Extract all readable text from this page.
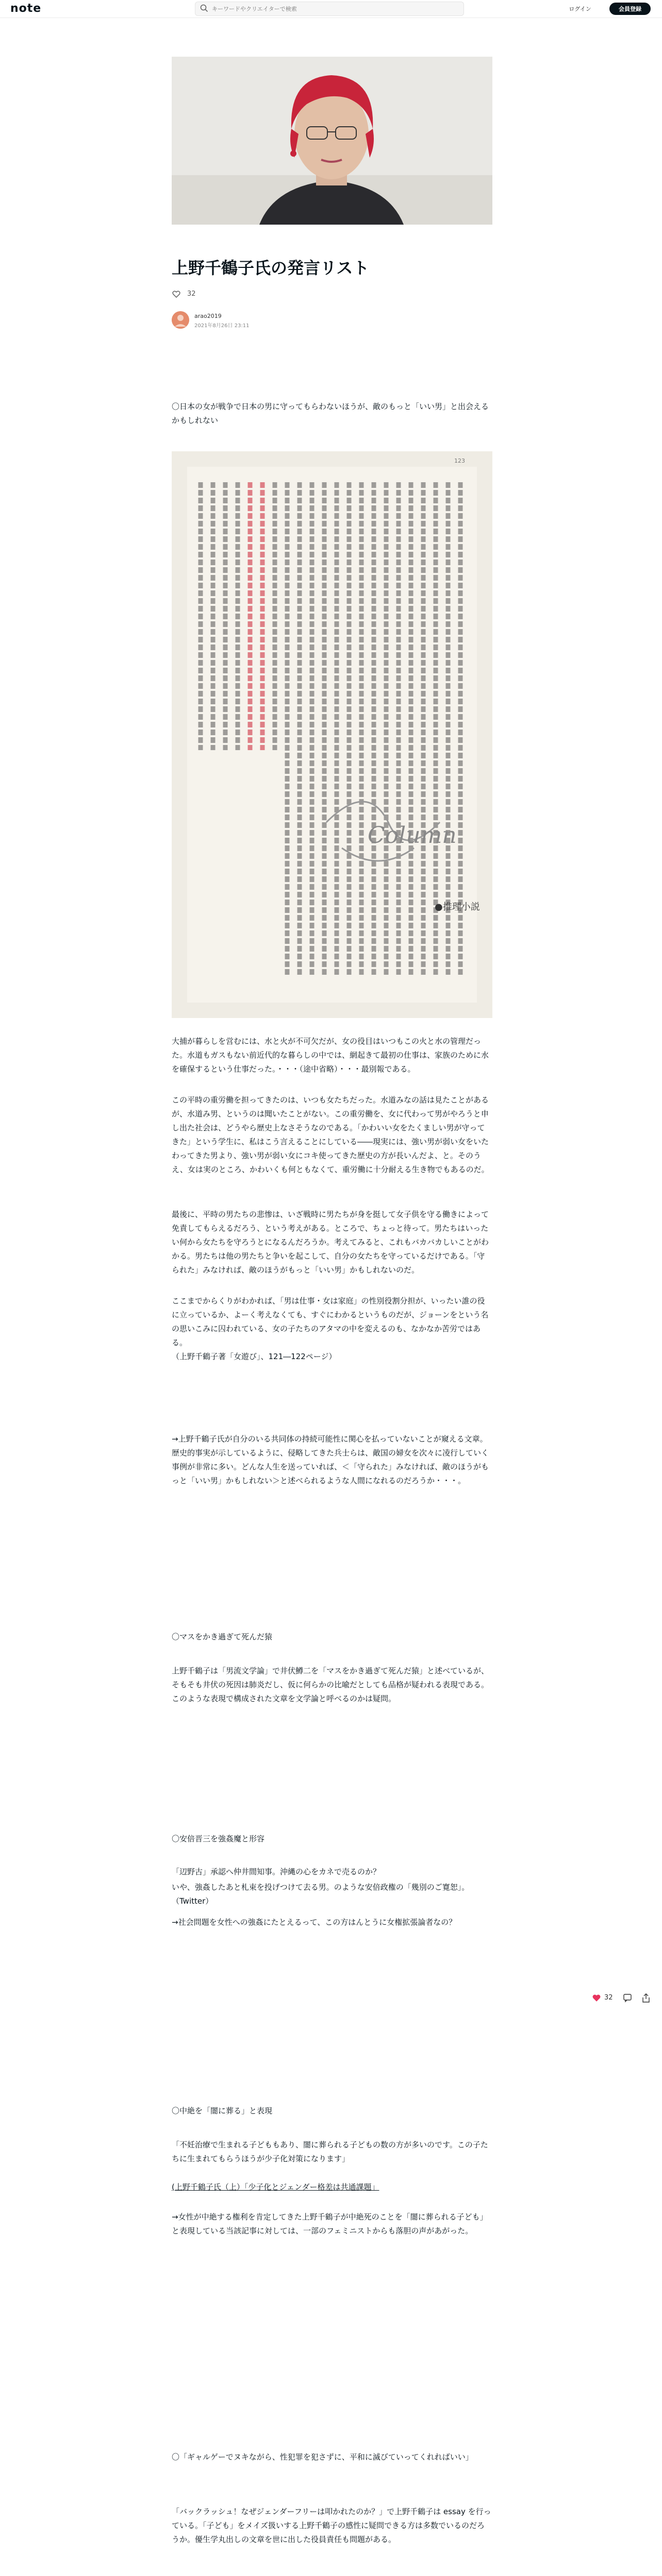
note
キーワードやクリエイターで検索	ログイン	会員登録
上野千鶴子氏の発言リスト
32
arao2019
2021年8月26日 23:11

〇日本の女が戦争で日本の男に守ってもらわないほうが、敵のもっと「いい男」と出会えるかもしれない

●推理小説
Column
123

大捕が暮らしを営むには、水と火が不可欠だが、女の役目はいつもこの火と水の管理だった。水道もガスもない前近代的な暮らしの中では、網起きて最初の仕事は、家族のために水を確保するという仕事だった。・・・（途中省略）・・・最別報である。

この平時の重労働を担ってきたのは、いつも女たちだった。水道みなの話は見たことがあるが、水道み男、というのは聞いたことがない。この重労働を、女に代わって男がやろうと申し出た社会は、どうやら歴史上なさそうなのである。「かわいい女をたくましい男が守ってきた」という学生に、私はこう言えることにしている――現実には、強い男が弱い女をいたわってきた男より、強い男が弱い女にコキ使ってきた歴史の方が長いんだよ、と。そのうえ、女は実のところ、かわいくも何ともなくて、重労働に十分耐える生き物でもあるのだ。

最後に、平時の男たちの悲惨は、いざ戦時に男たちが身を挺して女子供を守る働きによって免責してもらえるだろう、という考えがある。ところで、ちょっと待って。男たちはいったい何から女たちを守ろうとになるんだろうか。考えてみると、これもバカバカしいことがわかる。男たちは他の男たちと争いを起こして、自分の女たちを守っているだけである。「守られた」みなければ、敵のほうがもっと「いい男」かもしれないのだ。

ここまでからくりがわかれば、「男は仕事・女は家庭」の性別役割分担が、いったい誰の役に立っているか、よーく考えなくても、すぐにわかるというものだが、ジョーンをという名の思いこみに囚われている、女の子たちのアタマの中を変えるのも、なかなか苦労ではある。

（上野千鶴子著「女遊び」、121―122ページ）

→上野千鶴子氏が自分のいる共同体の持続可能性に関心を払っていないことが窺える文章。歴史的事実が示しているように、侵略してきた兵士らは、敵国の婦女を次々に凌行していく事例が非常に多い。どんな人生を送っていれば、＜「守られた」みなければ、敵のほうがもっと「いい男」かもしれない＞と述べられるような人間になれるのだろうか・・・。

〇マスをかき過ぎて死んだ猿

上野千鶴子は「男流文学論」で井伏鱒二を「マスをかき過ぎて死んだ猿」と述べているが、そもそも井伏の死因は肺炎だし、仮に何らかの比喩だとしても品格が疑われる表現である。このような表現で構成された文章を文学論と呼べるのかは疑問。

〇安倍晋三を強姦魔と形容

「辺野古」承認へ仲井間知事。沖縄の心をカネで売るのか？

いや、強姦したあと札束を投げつけて去る男。のような安倍政権の「幾別のご寛恕」。（Twitter）

→社会問題を女性への強姦にたとえるって、この方はんとうに女権拡張論者なの？

〇中絶を「闇に葬る」と表現

「不妊治療で生まれる子どももあり、闇に葬られる子どもの数の方が多いのです。この子たちに生まれてもらうほうが少子化対策になります」

(上野千鶴子氏（上）「少子化とジェンダー格差は共通課題」

→女性が中絶する権利を肯定してきた上野千鶴子が中絶死のことを「闇に葬られる子ども」と表現している当該記事に対しては、一部のフェミニストからも落胆の声があがった。

〇「ギャルゲーでヌキながら、性犯罪を犯さずに、平和に滅びていってくれればいい」

「バックラッシュ！なぜジェンダーフリーは叩かれたのか？」で上野千鶴子は essay を行っている。「子ども」をメイズ扱いする上野千鶴子の感性に疑問できる方は多数でいるのだろうか。優生学丸出しの文章を世に出した役員責任も問題がある。

32
